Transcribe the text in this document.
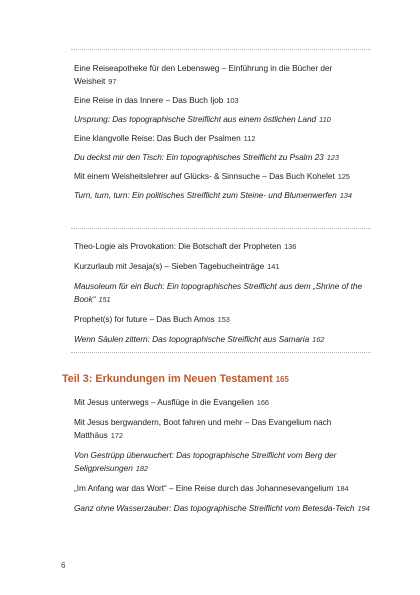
Eine Reiseapotheke für den Lebensweg – Einführung in die Bücher der Weisheit 97
Eine Reise in das Innere – Das Buch Ijob 103
Ursprung: Das topographische Streiflicht aus einem östlichen Land 110
Eine klangvolle Reise: Das Buch der Psalmen 112
Du deckst mir den Tisch: Ein topographisches Streiflicht zu Psalm 23 123
Mit einem Weisheitslehrer auf Glücks- & Sinnsuche – Das Buch Kohelet 125
Turn, turn, turn: Ein politisches Streiflicht zum Steine- und Blumenwerfen 134
Theo-Logie als Provokation: Die Botschaft der Propheten 136
Kurzurlaub mit Jesaja(s) – Sieben Tagebucheinträge 141
Mausoleum für ein Buch: Ein topographisches Streiflicht aus dem „Shrine of the Book“ 151
Prophet(s) for future – Das Buch Amos 153
Wenn Säulen zittern: Das topographische Streiflicht aus Samaria 162
Teil 3: Erkundungen im Neuen Testament 165
Mit Jesus unterwegs – Ausflüge in die Evangelien 166
Mit Jesus bergwandern, Boot fahren und mehr – Das Evangelium nach Matthäus 172
Von Gestrüpp überwuchert: Das topographische Streiflicht vom Berg der Seligpreisungen 182
„Im Anfang war das Wort“ – Eine Reise durch das Johannesevangelium 184
Ganz ohne Wasserzauber: Das topographische Streiflicht vom Betesda-Teich 194
6
